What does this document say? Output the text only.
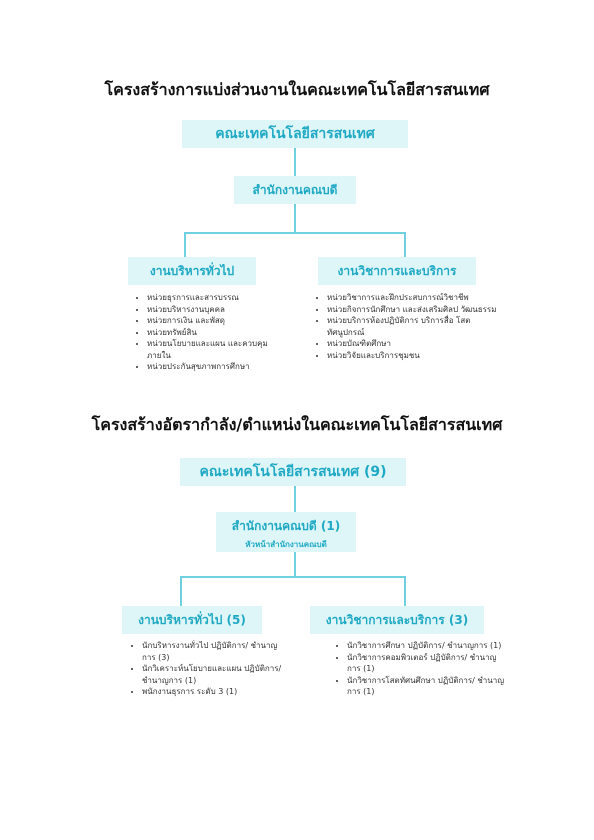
โครงสร้างการแบ่งส่วนงานในคณะเทคโนโลยีสารสนเทศ
คณะเทคโนโลยีสารสนเทศ
สำนักงานคณบดี
งานบริหารทั่วไป	งานวิชาการและบริการ
• หน่วยธุรการและสารบรรณ
• หน่วยบริหารงานบุคคล
• หน่วยการเงิน และพัสดุ
• หน่วยทรัพย์สิน
• หน่วยนโยบายและแผน และควบคุมภายใน
• หน่วยประกันสุขภาพการศึกษา
• หน่วยวิชาการและฝึกประสบการณ์วิชาชีพ
• หน่วยกิจการนักศึกษา และส่งเสริมศิลป วัฒนธรรม
• หน่วยบริการห้องปฏิบัติการ บริการสื่อ โสต ทัศนูปกรณ์
• หน่วยบัณฑิตศึกษา
• หน่วยวิจัยและบริการชุมชน
โครงสร้างอัตรากำลัง/ตำแหน่งในคณะเทคโนโลยีสารสนเทศ
คณะเทคโนโลยีสารสนเทศ (9)
สำนักงานคณบดี (1)
หัวหน้าสำนักงานคณบดี
งานบริหารทั่วไป (5)	งานวิชาการและบริการ (3)
• นักบริหารงานทั่วไป ปฏิบัติการ/ ชำนาญการ (3)
• นักวิเคราะห์นโยบายและแผน ปฏิบัติการ/ชำนาญการ (1)
• พนักงานธุรการ ระดับ 3 (1)
• นักวิชาการศึกษา ปฏิบัติการ/ ชำนาญการ (1)
• นักวิชาการคอมพิวเตอร์ ปฏิบัติการ/ ชำนาญการ (1)
• นักวิชาการโสตทัศนศึกษา ปฏิบัติการ/ ชำนาญการ (1)
